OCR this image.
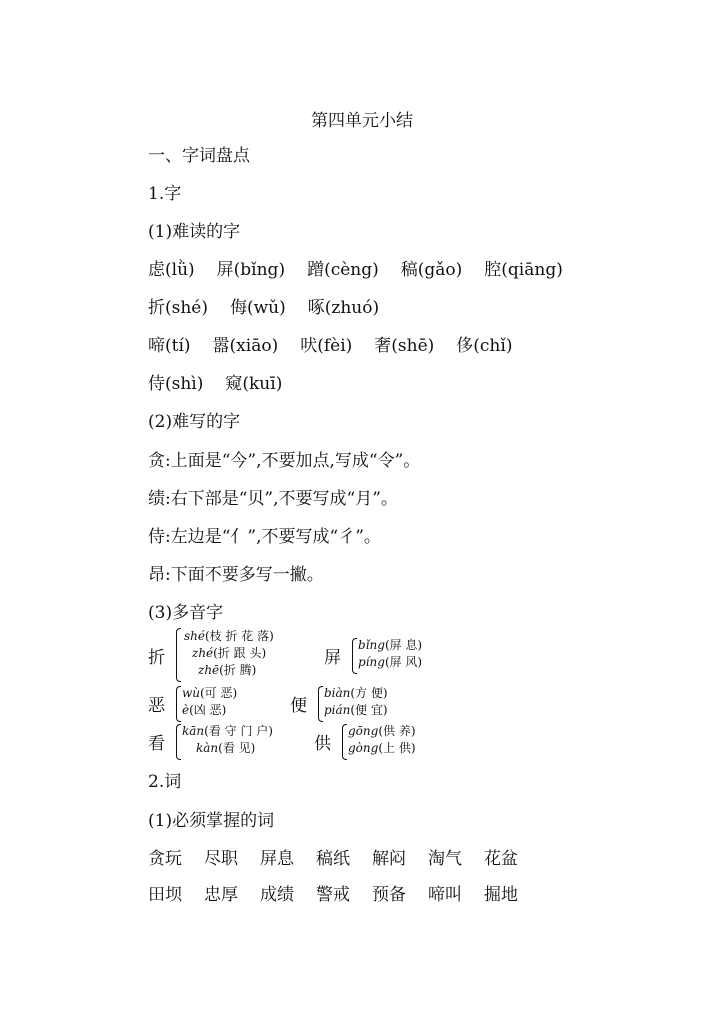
第四单元小结
一、字词盘点
1.字
(1)难读的字
虑(lǜ) 屏(bǐng) 蹭(cèng) 稿(gǎo) 腔(qiāng)
折(shé) 侮(wǔ) 啄(zhuó)
啼(tí) 嚣(xiāo) 吠(fèi) 奢(shē) 侈(chǐ)
侍(shì) 窥(kuī)
(2)难写的字
贪:上面是“今”,不要加点,写成“令”。
绩:右下部是“贝”,不要写成“月”。
侍:左边是“亻”,不要写成“彳”。
昂:下面不要多写一撇。
(3)多音字
折
shé(枝 折 花 落)
zhé(折 跟 头)
zhē(折 腾)
屏
bǐng(屏 息)
píng(屏 风)
恶
wù(可 恶)
è(凶 恶)	便
biàn(方 便)
pián(便 宜)
看
kān(看 守 门 户)
kàn(看 见)	供
gōng(供 养)
gòng(上 供)
2.词
(1)必须掌握的词
贪玩 尽职 屏息 稿纸 解闷 淘气 花盆
田坝 忠厚 成绩 警戒 预备 啼叫 掘地
